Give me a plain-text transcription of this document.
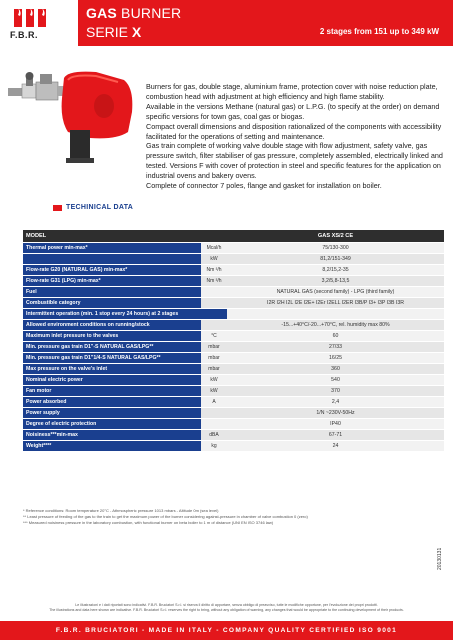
F.B.R.
GAS BURNER
SERIE X	2 stages from 151 up to 349 kW

Burners for gas, double stage, aluminium frame, protection cover with noise reduction plate, combustion head with adjustment at high efficiency and high flame stability.

Available in the versions Methane (natural gas) or L.P.G. (to specify at the order) on demand specific versions for town gas, coal gas or biogas.

Compact overall dimensions and disposition rationalized of the components with accessibility facilitated for the operations of setting and maintenance.

Gas train complete of working valve double stage with flow adjustment, safety valve, gas pressure switch, filter stabiliser of gas pressure, completely assembled, electrically linked and tested. Versions F with cover of protection in steel and specific features for the application on industrial ovens and bakery ovens.

Complete of connector 7 poles, flange and gasket for installation on boiler.

TECHINICAL DATA
MODEL		GAS XS/2 CE
Thermal power min-max*	Mcal/h	75/130-300
	kW	81,2/151-349
Flow-rate G20 (NATURAL GAS) min-max*	Nm ³/h	8,2/15,2-35
Flow-rate G31 (LPG) min-max*	Nm ³/h	3,2/5,8-13,5
Fuel		NATURAL GAS (second family) - LPG (third family)
Combustible category		I2R I2H I2L I2E I2E+ I2Er I2ELL I2ER I3B/P I3+ I3P I3B I3R
Intermittent operation (min. 1 stop every 24 hours) at 2 stages		
Allowed environment conditions on running/stock		-15...+40°C/-20...+70°C, rel. humidity max 80%
Maximum inlet pressure to the valves	°C	60
Min. pressure gas train D1"-S NATURAL GAS/LPG**	mbar	27/33
Min. pressure gas train D1"1/4-S NATURAL GAS/LPG**	mbar	16/25
Max pressure on the valve's inlet	mbar	360
Nominal electric power	kW	540
Fan motor	kW	370
Power absorbed	A	2,4
Power supply		1/N ~230V-50Hz
Degree of electric protection		IP40
Noisiness***min-max	dBA	67-71
Weight****	kg	24
* Reference conditions: Room temperature 20°C - Athmospheric pressure 1013 mbars - Altitude 0m (sea level)
** Least pressure of feeding of the gas to the train to get the maximum power of the burner considering against-pressure in chamber of valve combustion 0 (zero)
*** Measured noisiness pressure in the laboratory combustion, with functional burner on beta boiler to 1 m of distance (UNI EN ISO 3746 law)
20130131
Le illustrazioni e i dati riportati sono indicativi. F.B.R. Bruciatori S.r.l. si riserva il diritto di apportare, senza obbligo di preavviso, tutte le modifiche opportune, per l'evoluzione dei propri prodotti.
The illustrations and data here shown are indicative. F.B.R. Bruciatori S.r.l. reserves the right to bring, without any obligation of warning, any changes that would be appropriate to the continuing development of their products.
F.B.R. BRUCIATORI - MADE IN ITALY - COMPANY QUALITY CERTIFIED ISO 9001
